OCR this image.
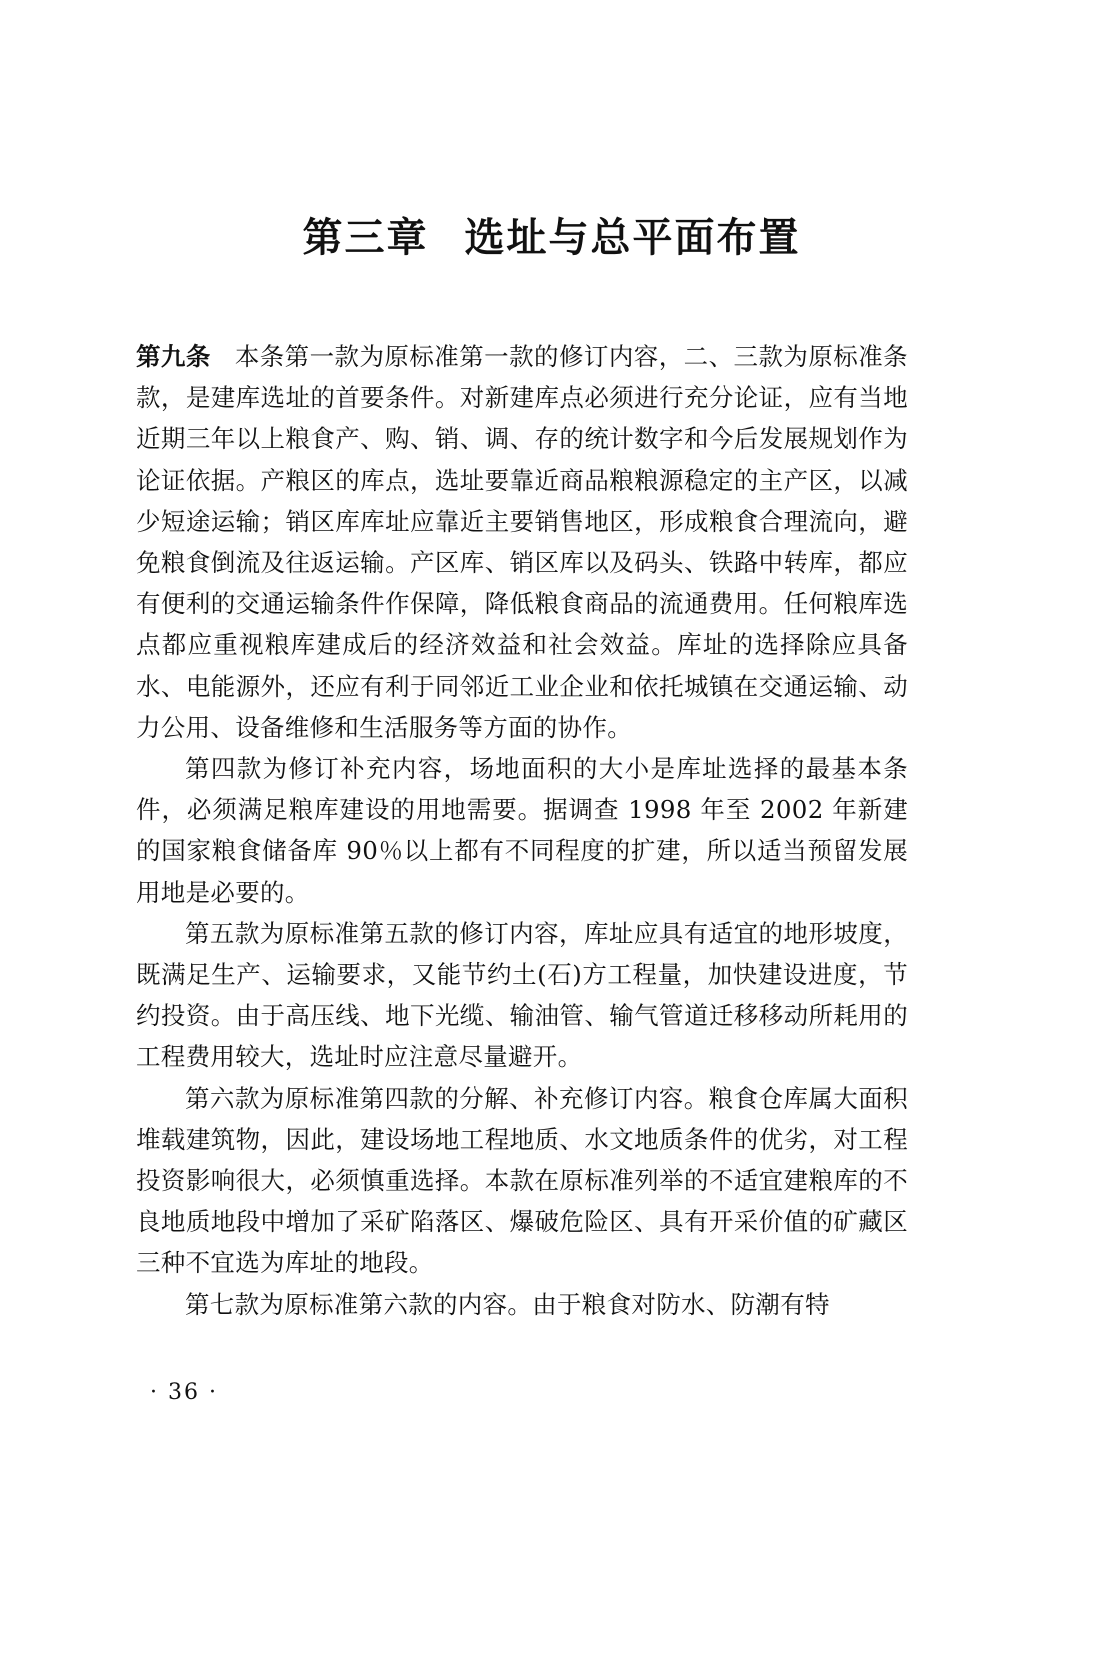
第三章 选址与总平面布置

第九条 本条第一款为原标准第一款的修订内容，二、三款为原标准条款，是建库选址的首要条件。对新建库点必须进行充分论证，应有当地近期三年以上粮食产、购、销、调、存的统计数字和今后发展规划作为论证依据。产粮区的库点，选址要靠近商品粮粮源稳定的主产区，以减少短途运输；销区库库址应靠近主要销售地区，形成粮食合理流向，避免粮食倒流及往返运输。产区库、销区库以及码头、铁路中转库，都应有便利的交通运输条件作保障，降低粮食商品的流通费用。任何粮库选点都应重视粮库建成后的经济效益和社会效益。库址的选择除应具备水、电能源外，还应有利于同邻近工业企业和依托城镇在交通运输、动力公用、设备维修和生活服务等方面的协作。

第四款为修订补充内容，场地面积的大小是库址选择的最基本条件，必须满足粮库建设的用地需要。据调查 1998 年至 2002 年新建的国家粮食储备库 90％以上都有不同程度的扩建，所以适当预留发展用地是必要的。

第五款为原标准第五款的修订内容，库址应具有适宜的地形坡度，既满足生产、运输要求，又能节约土(石)方工程量，加快建设进度，节约投资。由于高压线、地下光缆、输油管、输气管道迁移移动所耗用的工程费用较大，选址时应注意尽量避开。

第六款为原标准第四款的分解、补充修订内容。粮食仓库属大面积堆载建筑物，因此，建设场地工程地质、水文地质条件的优劣，对工程投资影响很大，必须慎重选择。本款在原标准列举的不适宜建粮库的不良地质地段中增加了采矿陷落区、爆破危险区、具有开采价值的矿藏区三种不宜选为库址的地段。

第七款为原标准第六款的内容。由于粮食对防水、防潮有特

· 36 ·
